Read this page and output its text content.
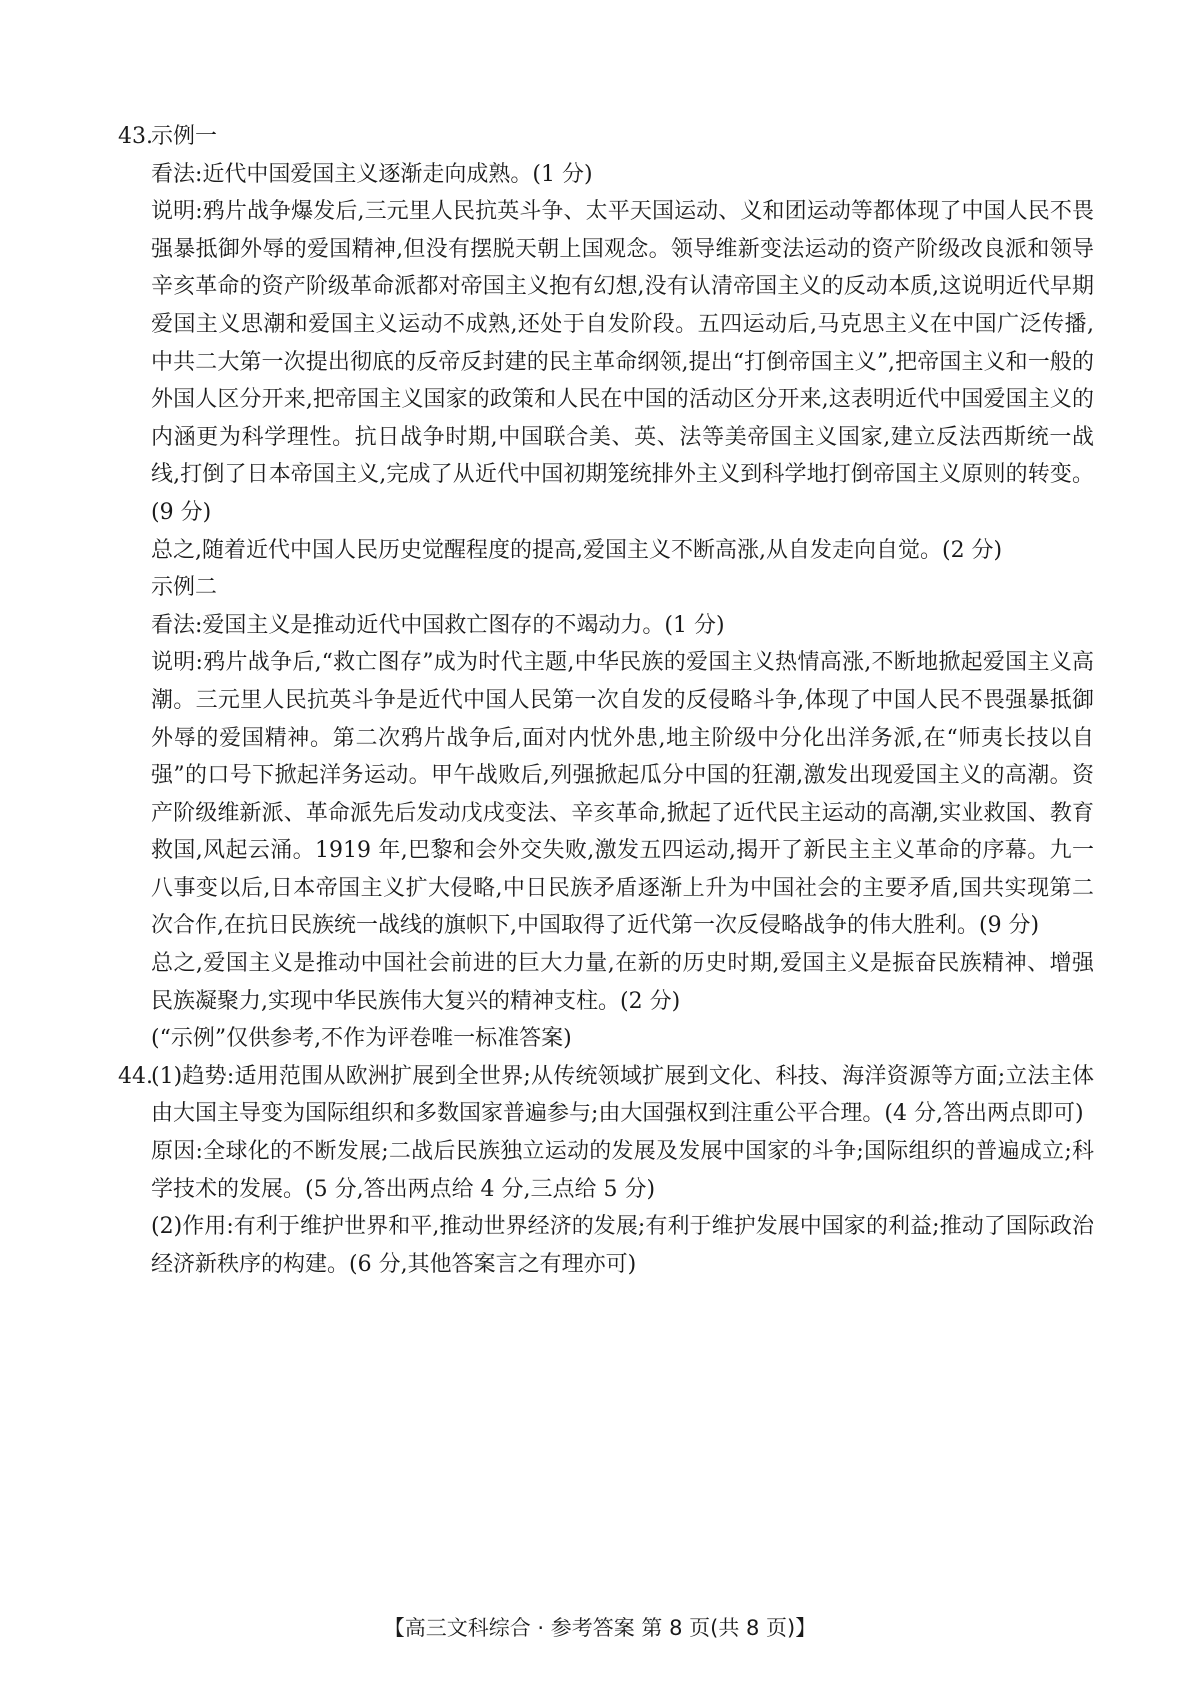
43.

示例一

看法:近代中国爱国主义逐渐走向成熟。(1 分)

说明:鸦片战争爆发后,三元里人民抗英斗争、太平天国运动、义和团运动等都体现了中国人民不畏强暴抵御外辱的爱国精神,但没有摆脱天朝上国观念。领导维新变法运动的资产阶级改良派和领导辛亥革命的资产阶级革命派都对帝国主义抱有幻想,没有认清帝国主义的反动本质,这说明近代早期爱国主义思潮和爱国主义运动不成熟,还处于自发阶段。五四运动后,马克思主义在中国广泛传播,中共二大第一次提出彻底的反帝反封建的民主革命纲领,提出“打倒帝国主义”,把帝国主义和一般的外国人区分开来,把帝国主义国家的政策和人民在中国的活动区分开来,这表明近代中国爱国主义的内涵更为科学理性。抗日战争时期,中国联合美、英、法等美帝国主义国家,建立反法西斯统一战线,打倒了日本帝国主义,完成了从近代中国初期笼统排外主义到科学地打倒帝国主义原则的转变。(9 分)

总之,随着近代中国人民历史觉醒程度的提高,爱国主义不断高涨,从自发走向自觉。(2 分)

示例二

看法:爱国主义是推动近代中国救亡图存的不竭动力。(1 分)

说明:鸦片战争后,“救亡图存”成为时代主题,中华民族的爱国主义热情高涨,不断地掀起爱国主义高潮。三元里人民抗英斗争是近代中国人民第一次自发的反侵略斗争,体现了中国人民不畏强暴抵御外辱的爱国精神。第二次鸦片战争后,面对内忧外患,地主阶级中分化出洋务派,在“师夷长技以自强”的口号下掀起洋务运动。甲午战败后,列强掀起瓜分中国的狂潮,激发出现爱国主义的高潮。资产阶级维新派、革命派先后发动戊戌变法、辛亥革命,掀起了近代民主运动的高潮,实业救国、教育救国,风起云涌。1919 年,巴黎和会外交失败,激发五四运动,揭开了新民主主义革命的序幕。九一八事变以后,日本帝国主义扩大侵略,中日民族矛盾逐渐上升为中国社会的主要矛盾,国共实现第二次合作,在抗日民族统一战线的旗帜下,中国取得了近代第一次反侵略战争的伟大胜利。(9 分)

总之,爱国主义是推动中国社会前进的巨大力量,在新的历史时期,爱国主义是振奋民族精神、增强民族凝聚力,实现中华民族伟大复兴的精神支柱。(2 分)

(“示例”仅供参考,不作为评卷唯一标准答案)

44.

(1)趋势:适用范围从欧洲扩展到全世界;从传统领域扩展到文化、科技、海洋资源等方面;立法主体由大国主导变为国际组织和多数国家普遍参与;由大国强权到注重公平合理。(4 分,答出两点即可)

原因:全球化的不断发展;二战后民族独立运动的发展及发展中国家的斗争;国际组织的普遍成立;科学技术的发展。(5 分,答出两点给 4 分,三点给 5 分)

(2)作用:有利于维护世界和平,推动世界经济的发展;有利于维护发展中国家的利益;推动了国际政治经济新秩序的构建。(6 分,其他答案言之有理亦可)

【高三文科综合 · 参考答案 第 8 页(共 8 页)】
